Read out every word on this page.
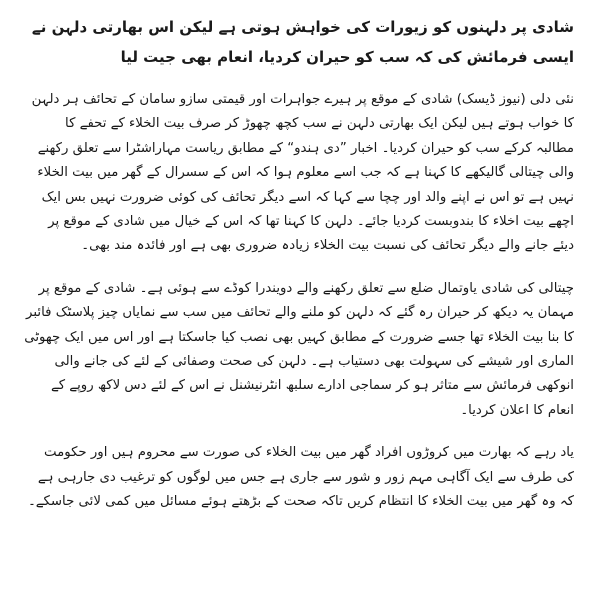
شادی پر دلہنوں کو زیورات کی خواہش ہوتی ہے لیکن اس بھارتی دلہن نے ایسی فرمائش کی کہ سب کو حیران کردیا، انعام بھی جیت لیا

نئی دلی (نیوز ڈیسک) شادی کے موقع پر ہیرے جواہرات اور قیمتی سازو سامان کے تحائف ہر دلہن کا خواب ہوتے ہیں لیکن ایک بھارتی دلہن نے سب کچھ چھوڑ کر صرف بیت الخلاء کے تحفے کا مطالبہ کرکے سب کو حیران کردیا۔ اخبار ”دی ہندو“ کے مطابق ریاست مہاراشٹرا سے تعلق رکھنے والی چیتالی گالیکھے کا کہنا ہے کہ جب اسے معلوم ہوا کہ اس کے سسرال کے گھر میں بیت الخلاء نہیں ہے تو اس نے اپنے والد اور چچا سے کہا کہ اسے دیگر تحائف کی کوئی ضرورت نہیں بس ایک اچھے بیت اخلاء کا بندوبست کردیا جائے۔ دلہن کا کہنا تھا کہ اس کے خیال میں شادی کے موقع پر دیئے جانے والے دیگر تحائف کی نسبت بیت الخلاء زیادہ ضروری بھی ہے اور فائدہ مند بھی۔

چیتالی کی شادی یاوتمال ضلع سے تعلق رکھنے والے دویندرا کوڈے سے ہوئی ہے۔ شادی کے موقع پر مہمان یہ دیکھ کر حیران رہ گئے کہ دلہن کو ملنے والے تحائف میں سب سے نمایاں چیز پلاسٹک فائبر کا بنا بیت الخلاء تھا جسے ضرورت کے مطابق کہیں بھی نصب کیا جاسکتا ہے اور اس میں ایک چھوٹی الماری اور شیشے کی سہولت بھی دستیاب ہے۔ دلہن کی صحت وصفائی کے لئے کی جانے والی انوکھی فرمائش سے متاثر ہو کر سماجی ادارے سلبھ انٹرنیشنل نے اس کے لئے دس لاکھ روپے کے انعام کا اعلان کردیا۔

یاد رہے کہ بھارت میں کروڑوں افراد گھر میں بیت الخلاء کی صورت سے محروم ہیں اور حکومت کی طرف سے ایک آگاہی مہم زور و شور سے جاری ہے جس میں لوگوں کو ترغیب دی جارہی ہے کہ وہ گھر میں بیت الخلاء کا انتظام کریں تاکہ صحت کے بڑھتے ہوئے مسائل میں کمی لائی جاسکے۔
